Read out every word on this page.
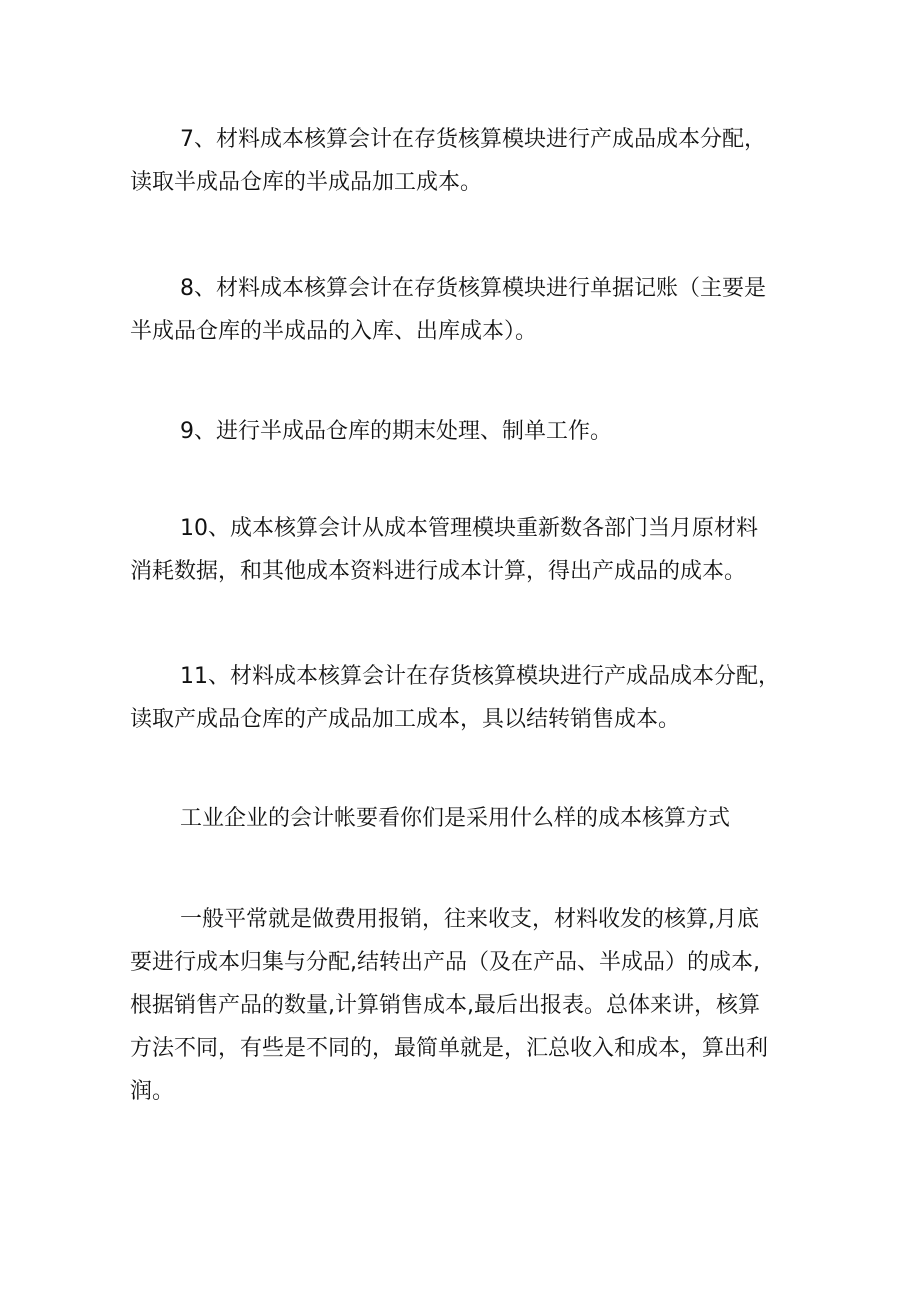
7、材料成本核算会计在存货核算模块进行产成品成本分配，
读取半成品仓库的半成品加工成本。

8、材料成本核算会计在存货核算模块进行单据记账（主要是
半成品仓库的半成品的入库、出库成本）。

9、进行半成品仓库的期末处理、制单工作。

10、成本核算会计从成本管理模块重新数各部门当月原材料
消耗数据，和其他成本资料进行成本计算，得出产成品的成本。

11、材料成本核算会计在存货核算模块进行产成品成本分配，
读取产成品仓库的产成品加工成本，具以结转销售成本。

工业企业的会计帐要看你们是采用什么样的成本核算方式

一般平常就是做费用报销，往来收支，材料收发的核算,月底
要进行成本归集与分配,结转出产品（及在产品、半成品）的成本,
根据销售产品的数量,计算销售成本,最后出报表。总体来讲，核算
方法不同，有些是不同的，最简单就是，汇总收入和成本，算出利
润。
